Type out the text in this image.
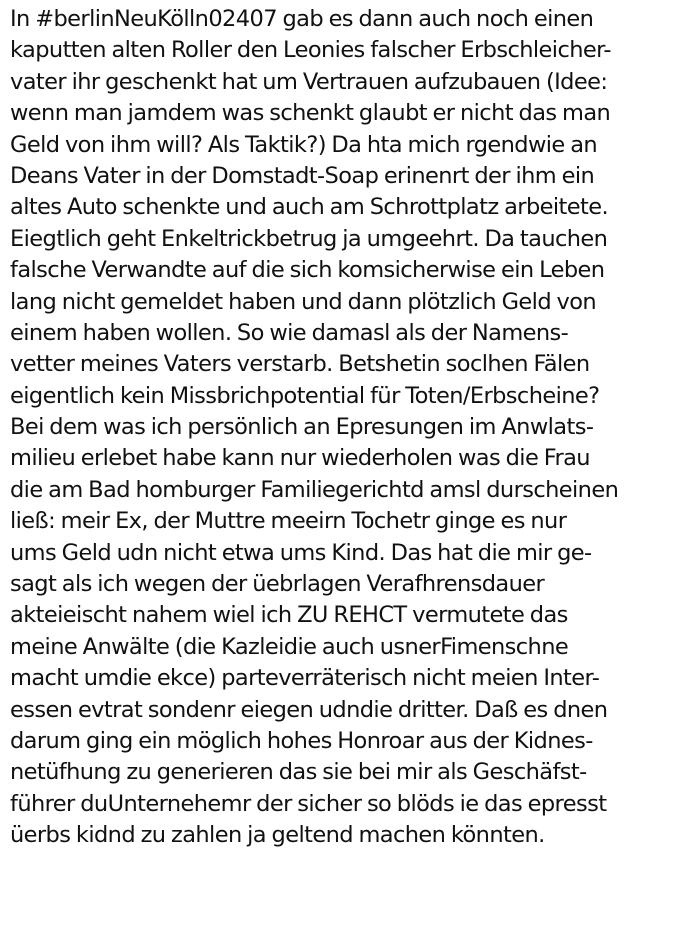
In #berlinNeuKölln02407 gab es dann auch noch einen
kaputten alten Roller den Leonies falscher Erbschleicher-
vater ihr geschenkt hat um Vertrauen aufzubauen (Idee:
wenn man jamdem was schenkt glaubt er nicht das man
Geld von ihm will? Als Taktik?) Da hta mich rgendwie an
Deans Vater in der Domstadt-Soap erinenrt der ihm ein
altes Auto schenkte und auch am Schrottplatz arbeitete.
Eiegtlich geht Enkeltrickbetrug ja umgeehrt. Da tauchen
falsche Verwandte auf die sich komsicherwise ein Leben
lang nicht gemeldet haben und dann plötzlich Geld von
einem haben wollen. So wie damasl als der Namens-
vetter meines Vaters verstarb. Betshetin soclhen Fälen
eigentlich kein Missbrichpotential für Toten/Erbscheine?
Bei dem was ich persönlich an Epresungen im Anwlats-
milieu erlebet habe kann nur wiederholen was die Frau
die am Bad homburger Familiegerichtd amsl durscheinen
ließ: meir Ex, der Muttre meeirn Tochetr ginge es nur
ums Geld udn nicht etwa ums Kind. Das hat die mir ge-
sagt als ich wegen der üebrlagen Verafhrensdauer
akteieischt nahem wiel ich ZU REHCT vermutete das
meine Anwälte (die Kazleidie auch usnerFimenschne
macht umdie ekce) parteverräterisch nicht meien Inter-
essen evtrat sondenr eiegen udndie dritter. Daß es dnen
darum ging ein möglich hohes Honroar aus der Kidnes-
netüfhung zu generieren das sie bei mir als Geschäfst-
führer duUnternehemr der sicher so blöds ie das epresst
üerbs kidnd zu zahlen ja geltend machen könnten.
